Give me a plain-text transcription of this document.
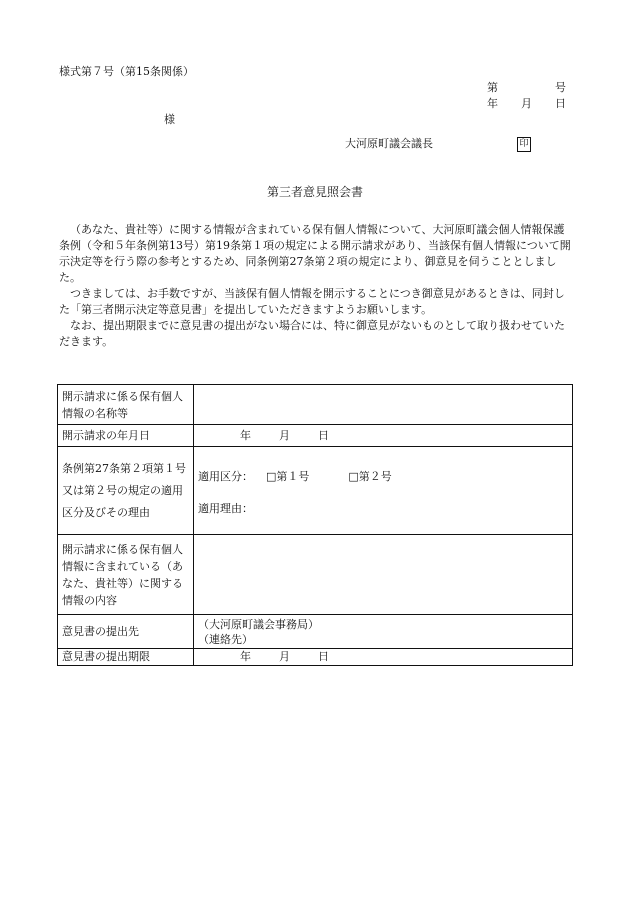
様式第７号（第15条関係）
第	号
年 月 日
様
大河原町議会議長	印
第三者意見照会書

（あなた、貴社等）に関する情報が含まれている保有個人情報について、大河原町議会個人情報保護条例（令和５年条例第13号）第19条第１項の規定による開示請求があり、当該保有個人情報について開示決定等を行う際の参考とするため、同条例第27条第２項の規定により、御意見を伺うこととしました。

つきましては、お手数ですが、当該保有個人情報を開示することにつき御意見があるときは、同封した「第三者開示決定等意見書」を提出していただきますようお願いします。

なお、提出期限までに意見書の提出がない場合には、特に御意見がないものとして取り扱わせていただきます。

開示請求に係る保有個人情報の名称等	
開示請求の年月日	年 月 日
条例第27条第２項第１号又は第２号の規定の適用区分及びその理由	適用区分： □第１号 □第２号
適用理由：

開示請求に係る保有個人情報に含まれている（あなた、貴社等）に関する情報の内容	
意見書の提出先	（大河原町議会事務局）
（連絡先）

意見書の提出期限	年 月 日
